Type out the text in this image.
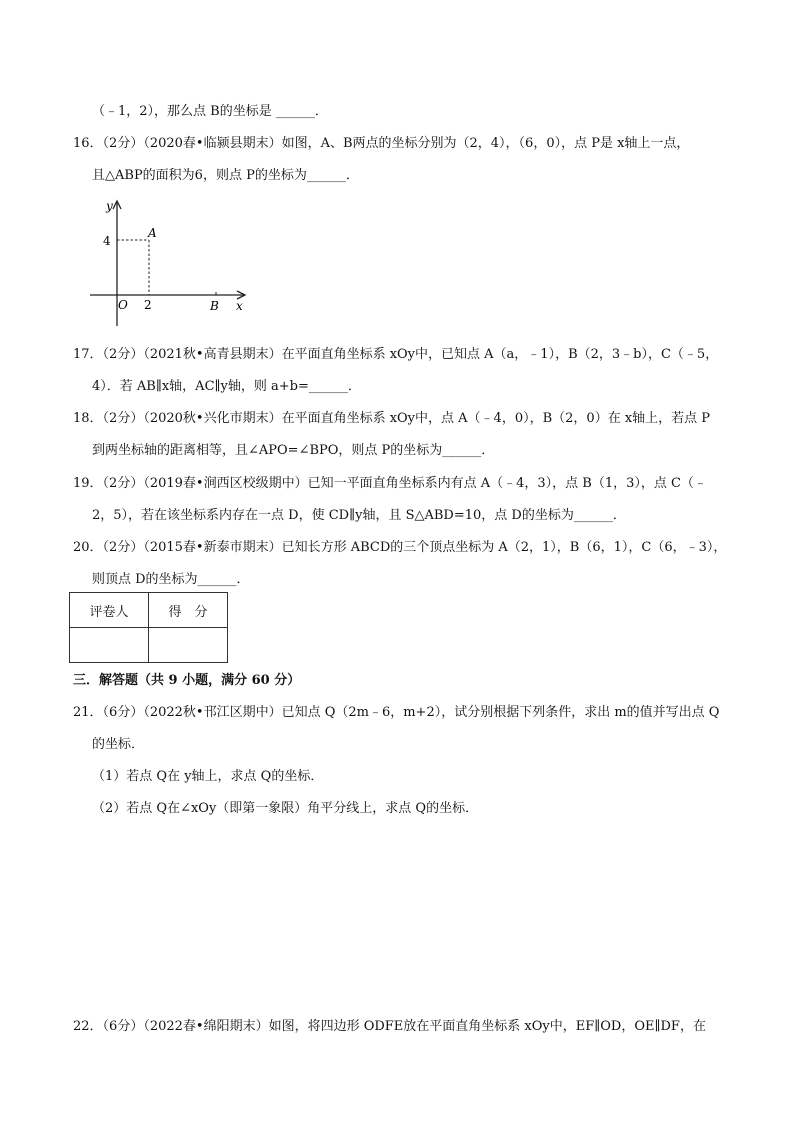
（﹣1，2），那么点 B的坐标是 ______．
16．（2分）（2020春•临颍县期末）如图，A、B两点的坐标分别为（2，4），（6，0），点 P是 x轴上一点，
且△ABP的面积为6，则点 P的坐标为______．
y
x
O
4
2
A
B
17．（2分）（2021秋•高青县期末）在平面直角坐标系 xOy中，已知点 A（a，﹣1），B（2，3﹣b），C（﹣5，
4）．若 AB∥x轴，AC∥y轴，则 a+b=______．
18．（2分）（2020秋•兴化市期末）在平面直角坐标系 xOy中，点 A（﹣4，0），B（2，0）在 x轴上，若点 P
到两坐标轴的距离相等，且∠APO=∠BPO，则点 P的坐标为______．
19．（2分）（2019春•涧西区校级期中）已知一平面直角坐标系内有点 A（﹣4，3），点 B（1，3），点 C（﹣
2，5），若在该坐标系内存在一点 D，使 CD∥y轴，且 S△ABD=10，点 D的坐标为______．
20．（2分）（2015春•新泰市期末）已知长方形 ABCD的三个顶点坐标为 A（2，1），B（6，1），C（6，﹣3），
则顶点 D的坐标为______．
评卷人	得　分

三．解答题（共 9 小题，满分 60 分）
21．（6分）（2022秋•邗江区期中）已知点 Q（2m﹣6，m+2），试分别根据下列条件，求出 m的值并写出点 Q
的坐标．
（1）若点 Q在 y轴上，求点 Q的坐标．
（2）若点 Q在∠xOy（即第一象限）角平分线上，求点 Q的坐标．
22．（6分）（2022春•绵阳期末）如图，将四边形 ODFE放在平面直角坐标系 xOy中，EF∥OD，OE∥DF，在
